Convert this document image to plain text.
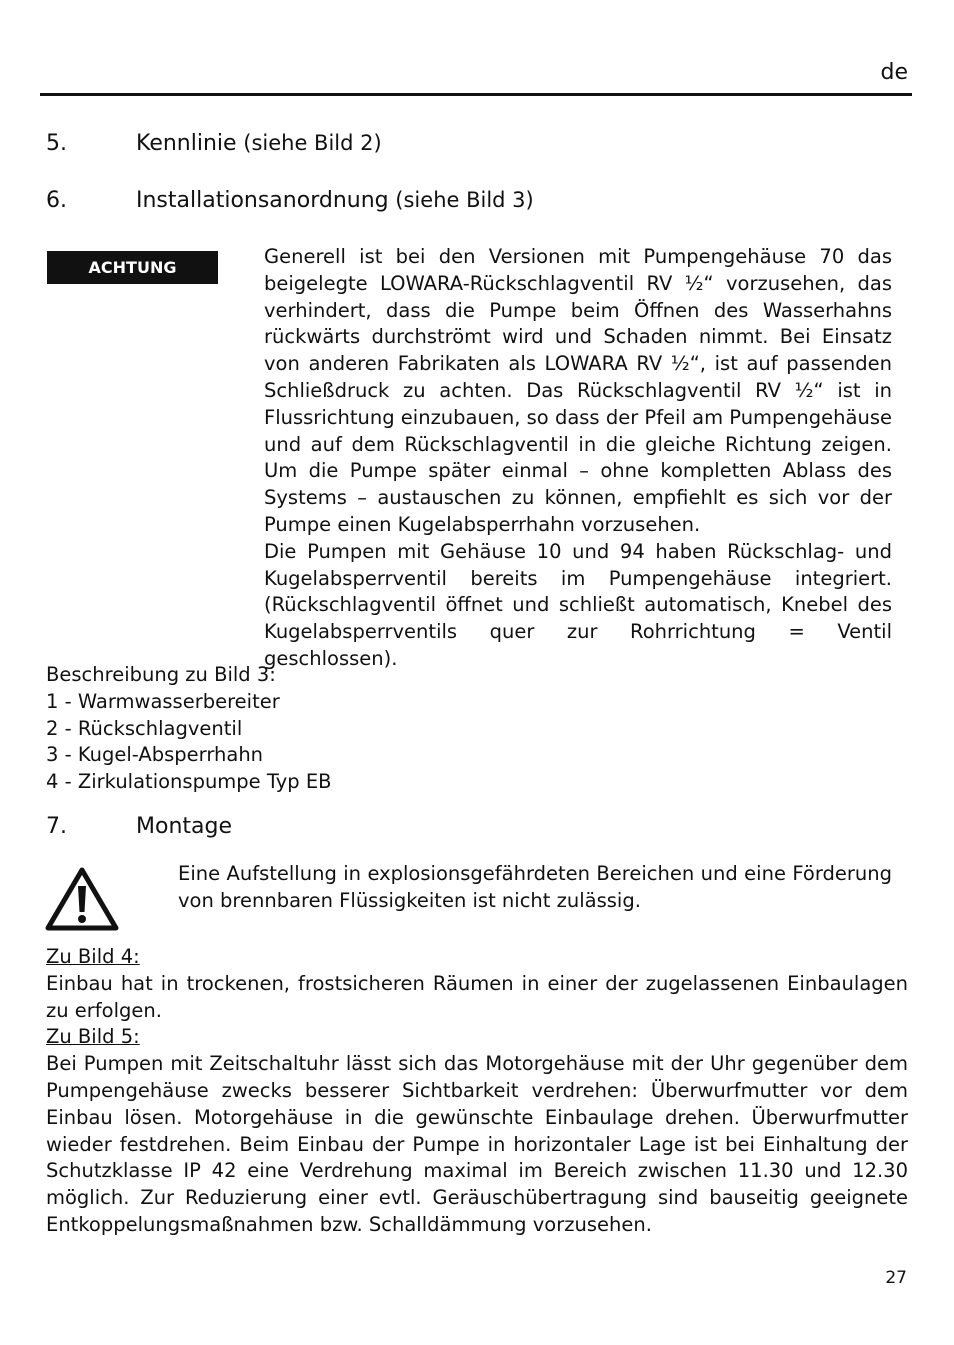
de
5.	Kennlinie (siehe Bild 2)
6.	Installationsanordnung (siehe Bild 3)
ACHTUNG	Generell ist bei den Versionen mit Pumpengehäuse 70 das beigelegte LOWARA-Rückschlagventil RV ½“ vorzusehen, das verhindert, dass die Pumpe beim Öffnen des Wasserhahns rückwärts durchströmt wird und Schaden nimmt. Bei Einsatz von anderen Fabrikaten als LOWARA RV ½“, ist auf passenden Schließdruck zu achten. Das Rückschlagventil RV ½“ ist in Flussrichtung einzubauen, so dass der Pfeil am Pumpengehäuse und auf dem Rückschlagventil in die gleiche Richtung zeigen. Um die Pumpe später einmal – ohne kompletten Ablass des Systems – austauschen zu können, empfiehlt es sich vor der Pumpe einen Kugelabsperrhahn vorzusehen.

Die Pumpen mit Gehäuse 10 und 94 haben Rückschlag- und Kugelabsperrventil bereits im Pumpengehäuse integriert. (Rückschlagventil öffnet und schließt automatisch, Knebel des Kugelabsperrventils quer zur Rohrrichtung = Ventil geschlossen).

Beschreibung zu Bild 3:
1 - Warmwasserbereiter
2 - Rückschlagventil
3 - Kugel-Absperrhahn
4 - Zirkulationspumpe Typ EB
7.	Montage
Eine Aufstellung in explosionsgefährdeten Bereichen und eine Förderung von brennbaren Flüssigkeiten ist nicht zulässig.
Zu Bild 4:

Einbau hat in trockenen, frostsicheren Räumen in einer der zugelassenen Einbaulagen zu erfolgen.

Zu Bild 5:

Bei Pumpen mit Zeitschaltuhr lässt sich das Motorgehäuse mit der Uhr gegenüber dem Pumpengehäuse zwecks besserer Sichtbarkeit verdrehen: Überwurfmutter vor dem Einbau lösen. Motorgehäuse in die gewünschte Einbaulage drehen. Überwurfmutter wieder festdrehen. Beim Einbau der Pumpe in horizontaler Lage ist bei Einhaltung der Schutzklasse IP 42 eine Verdrehung maximal im Bereich zwischen 11.30 und 12.30 möglich. Zur Reduzierung einer evtl. Geräuschübertragung sind bauseitig geeignete Entkoppelungsmaßnahmen bzw. Schalldämmung vorzusehen.

27
